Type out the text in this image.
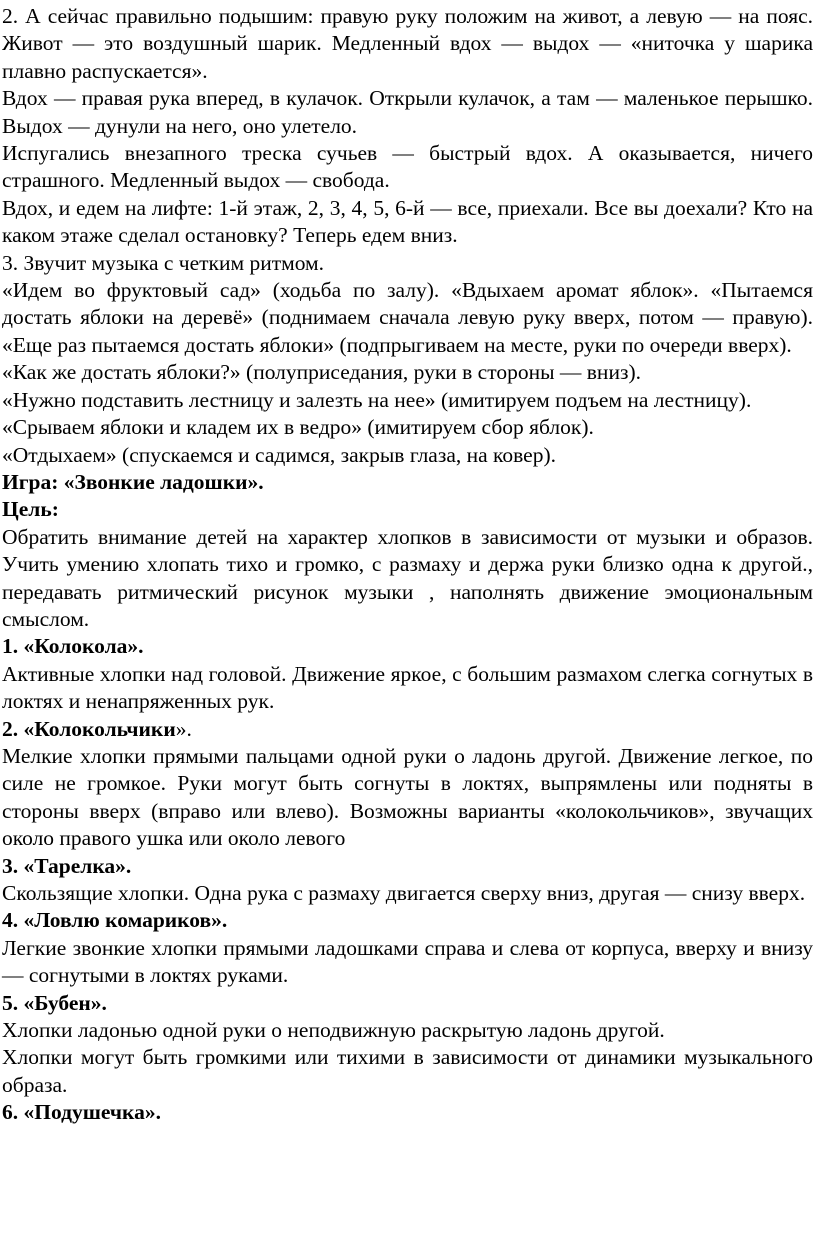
2. А сейчас правильно подышим: правую руку положим на живот, а левую — на пояс. Живот — это воздушный шарик. Медленный вдох — выдох — «ниточка у шарика плавно распускается».

Вдох — правая рука вперед, в кулачок. Открыли кулачок, а там — маленькое перышко. Выдох — дунули на него, оно улетело.

Испугались внезапного треска сучьев — быстрый вдох. А оказывается, ничего страшного. Медленный выдох — свобода.

Вдох, и едем на лифте: 1-й этаж, 2, 3, 4, 5, 6-й — все, приехали. Все вы доехали? Кто на каком этаже сделал остановку? Теперь едем вниз.

3. Звучит музыка с четким ритмом.

«Идем во фруктовый сад» (ходьба по залу). «Вдыхаем аромат яблок». «Пытаемся достать яблоки на деревё» (поднимаем сначала левую руку вверх, потом — правую). «Еще раз пытаемся достать яблоки» (подпрыгиваем на месте, руки по очереди вверх).

«Как же достать яблоки?» (полуприседания, руки в стороны — вниз).

«Нужно подставить лестницу и залезть на нее» (имитируем подъем на лестницу).

«Срываем яблоки и кладем их в ведро» (имитируем сбор яблок).

«Отдыхаем» (спускаемся и садимся, закрыв глаза, на ковер).

Игра: «Звонкие ладошки».

Цель:

Обратить внимание детей на характер хлопков в зависимости от музыки и образов. Учить умению хлопать тихо и громко, с размаху и держа руки близко одна к другой., передавать ритмический рисунок музыки , наполнять движение эмоциональным смыслом.

1. «Колокола».

Активные хлопки над головой. Движение яркое, с большим размахом слегка согнутых в локтях и ненапряженных рук.

2. «Колокольчики».

Мелкие хлопки прямыми пальцами одной руки о ладонь другой. Движение легкое, по силе не громкое. Руки могут быть согнуты в локтях, выпрямлены или подняты в стороны вверх (вправо или влево). Возможны варианты «колокольчиков», звучащих около правого ушка или около левого

3. «Тарелка».

Скользящие хлопки. Одна рука с размаху двигается сверху вниз, другая — снизу вверх.

4. «Ловлю комариков».

Легкие звонкие хлопки прямыми ладошками справа и слева от корпуса, вверху и внизу — согнутыми в локтях руками.

5. «Бубен».

Хлопки ладонью одной руки о неподвижную раскрытую ладонь другой.

Хлопки могут быть громкими или тихими в зависимости от динамики музыкального образа.

6. «Подушечка».
